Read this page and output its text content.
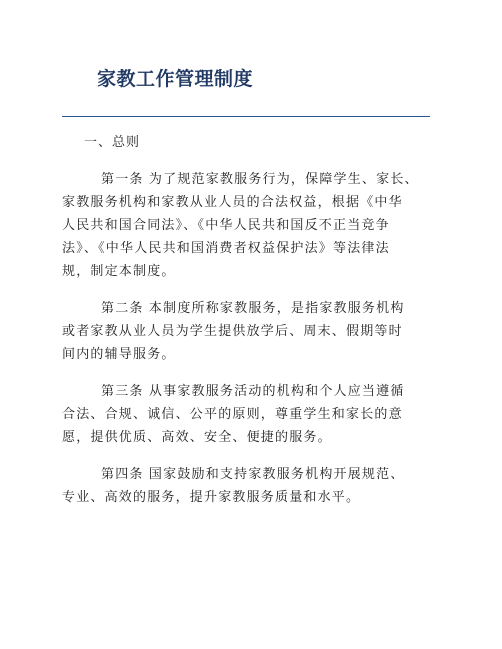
家教工作管理制度
一、总则
第一条 为了规范家教服务行为，保障学生、家长、
家教服务机构和家教从业人员的合法权益，根据《中华
人民共和国合同法》、《中华人民共和国反不正当竞争
法》、《中华人民共和国消费者权益保护法》等法律法
规，制定本制度。
第二条 本制度所称家教服务，是指家教服务机构
或者家教从业人员为学生提供放学后、周末、假期等时
间内的辅导服务。
第三条 从事家教服务活动的机构和个人应当遵循
合法、合规、诚信、公平的原则，尊重学生和家长的意
愿，提供优质、高效、安全、便捷的服务。
第四条 国家鼓励和支持家教服务机构开展规范、
专业、高效的服务，提升家教服务质量和水平。
